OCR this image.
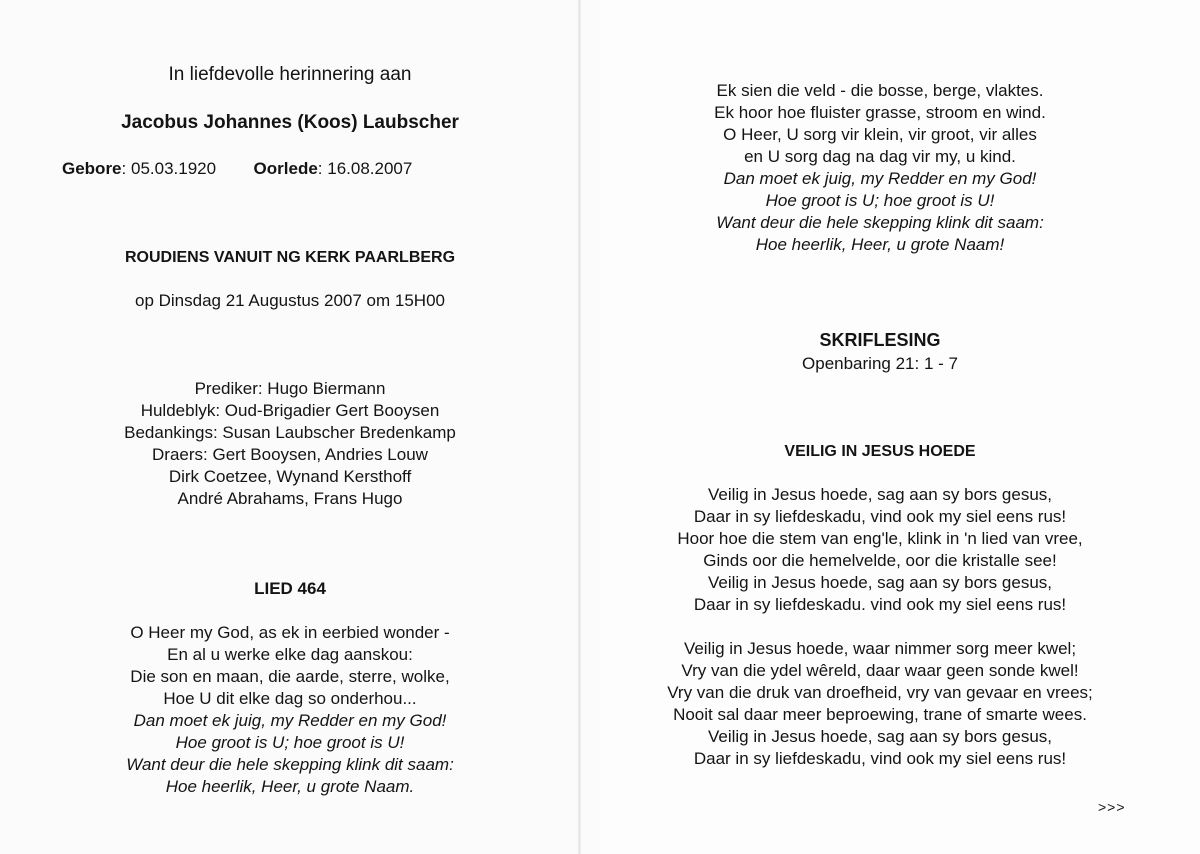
In liefdevolle herinnering aan
Jacobus Johannes (Koos) Laubscher
Gebore: 05.03.1920 Oorlede: 16.08.2007
ROUDIENS VANUIT NG KERK PAARLBERG
op Dinsdag 21 Augustus 2007 om 15H00
Prediker: Hugo Biermann
Huldeblyk: Oud-Brigadier Gert Booysen
Bedankings: Susan Laubscher Bredenkamp
Draers: Gert Booysen, Andries Louw
Dirk Coetzee, Wynand Kersthoff
André Abrahams, Frans Hugo
LIED 464
O Heer my God, as ek in eerbied wonder -
En al u werke elke dag aanskou:
Die son en maan, die aarde, sterre, wolke,
Hoe U dit elke dag so onderhou...
Dan moet ek juig, my Redder en my God!
Hoe groot is U; hoe groot is U!
Want deur die hele skepping klink dit saam:
Hoe heerlik, Heer, u grote Naam.
Ek sien die veld - die bosse, berge, vlaktes.
Ek hoor hoe fluister grasse, stroom en wind.
O Heer, U sorg vir klein, vir groot, vir alles
en U sorg dag na dag vir my, u kind.
Dan moet ek juig, my Redder en my God!
Hoe groot is U; hoe groot is U!
Want deur die hele skepping klink dit saam:
Hoe heerlik, Heer, u grote Naam!
SKRIFLESING
Openbaring 21: 1 - 7
VEILIG IN JESUS HOEDE
Veilig in Jesus hoede, sag aan sy bors gesus,
Daar in sy liefdeskadu, vind ook my siel eens rus!
Hoor hoe die stem van eng'le, klink in 'n lied van vree,
Ginds oor die hemelvelde, oor die kristalle see!
Veilig in Jesus hoede, sag aan sy bors gesus,
Daar in sy liefdeskadu. vind ook my siel eens rus!
Veilig in Jesus hoede, waar nimmer sorg meer kwel;
Vry van die ydel wêreld, daar waar geen sonde kwel!
Vry van die druk van droefheid, vry van gevaar en vrees;
Nooit sal daar meer beproewing, trane of smarte wees.
Veilig in Jesus hoede, sag aan sy bors gesus,
Daar in sy liefdeskadu, vind ook my siel eens rus!
>>>
